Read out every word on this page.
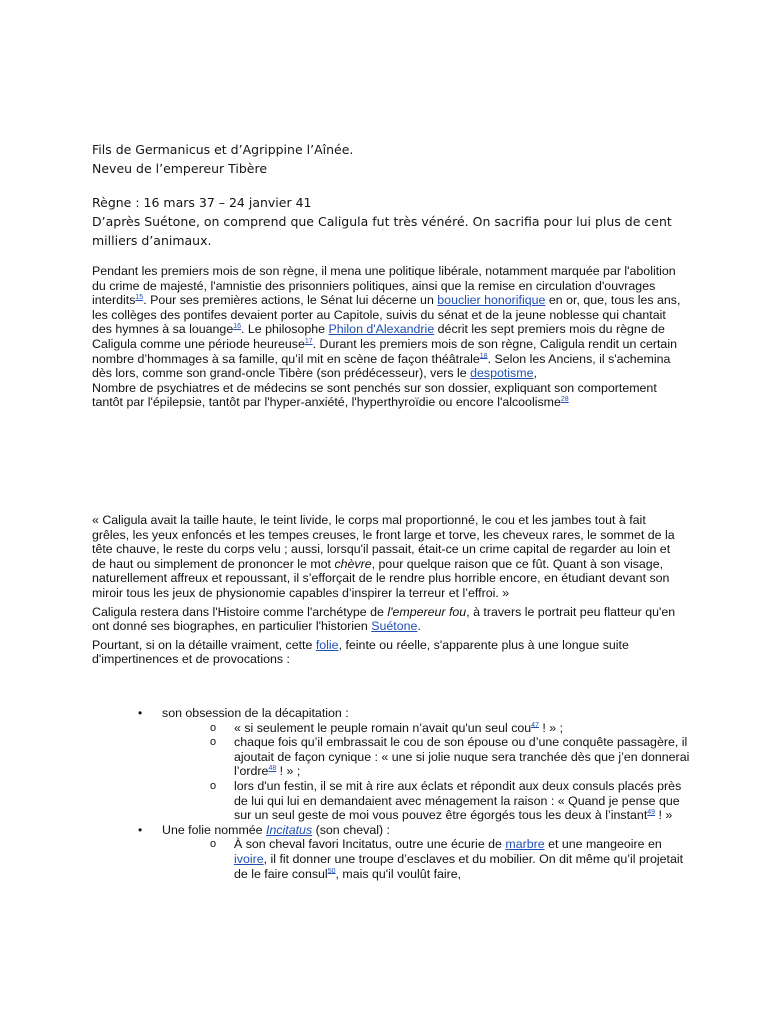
Fils de Germanicus et d’Agrippine l’Aînée.

Neveu de l’empereur Tibère

Règne : 16 mars 37 – 24 janvier 41

D’après Suétone, on comprend que Caligula fut très vénéré. On sacrifia pour lui plus de cent milliers d’animaux.

Pendant les premiers mois de son règne, il mena une politique libérale, notamment marquée par l'abolition du crime de majesté, l'amnistie des prisonniers politiques, ainsi que la remise en circulation d'ouvrages interdits$^{15}$. Pour ses premières actions, le Sénat lui décerne un bouclier honorifique en or, que, tous les ans, les collèges des pontifes devaient porter au Capitole, suivis du sénat et de la jeune noblesse qui chantait des hymnes à sa louange$^{16}$. Le philosophe Philon d'Alexandrie décrit les sept premiers mois du règne de Caligula comme une période heureuse$^{17}$. Durant les premiers mois de son règne, Caligula rendit un certain nombre d’hommages à sa famille, qu’il mit en scène de façon théâtrale$^{18}$. Selon les Anciens, il s'achemina dès lors, comme son grand-oncle Tibère (son prédécesseur), vers le despotisme,

Nombre de psychiatres et de médecins se sont penchés sur son dossier, expliquant son comportement tantôt par l'épilepsie, tantôt par l'hyper-anxiété, l'hyperthyroïdie ou encore l'alcoolisme$^{28}$

« Caligula avait la taille haute, le teint livide, le corps mal proportionné, le cou et les jambes tout à fait grêles, les yeux enfoncés et les tempes creuses, le front large et torve, les cheveux rares, le sommet de la tête chauve, le reste du corps velu ; aussi, lorsqu'il passait, était-ce un crime capital de regarder au loin et de haut ou simplement de prononcer le mot chèvre, pour quelque raison que ce fût. Quant à son visage, naturellement affreux et repoussant, il s’efforçait de le rendre plus horrible encore, en étudiant devant son miroir tous les jeux de physionomie capables d’inspirer la terreur et l’effroi. »

Caligula restera dans l'Histoire comme l'archétype de l'empereur fou, à travers le portrait peu flatteur qu'en ont donné ses biographes, en particulier l'historien Suétone.

Pourtant, si on la détaille vraiment, cette folie, feinte ou réelle, s'apparente plus à une longue suite d'impertinences et de provocations :

• son obsession de la décapitation :
o « si seulement le peuple romain n’avait qu'un seul cou$^{47}$ ! » ;
o chaque fois qu’il embrassait le cou de son épouse ou d’une conquête passagère, il ajoutait de façon cynique : « une si jolie nuque sera tranchée dès que j’en donnerai l’ordre$^{48}$ ! » ;
o lors d'un festin, il se mit à rire aux éclats et répondit aux deux consuls placés près de lui qui lui en demandaient avec ménagement la raison : « Quand je pense que sur un seul geste de moi vous pouvez être égorgés tous les deux à l’instant$^{49}$ ! »
• Une folie nommée Incitatus (son cheval) :
o À son cheval favori Incitatus, outre une écurie de marbre et une mangeoire en ivoire, il fit donner une troupe d’esclaves et du mobilier. On dit même qu’il projetait de le faire consul$^{50}$, mais qu'il voulût faire,
